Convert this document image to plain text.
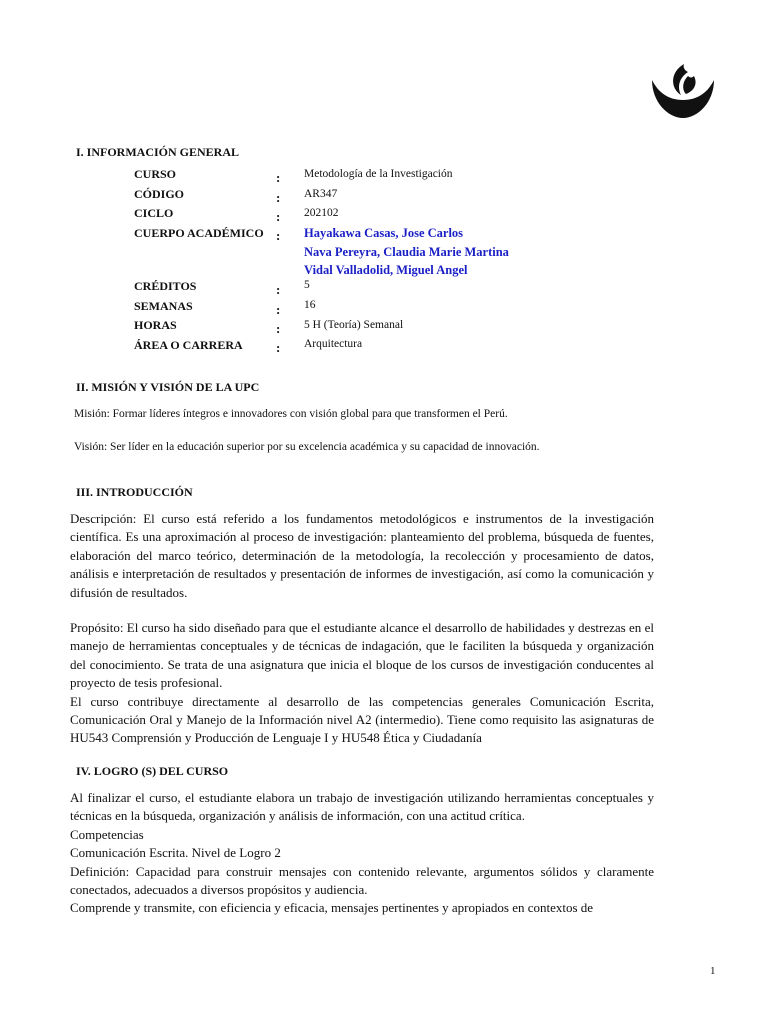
I. INFORMACIÓN GENERAL
CURSO	: Metodología de la Investigación
CÓDIGO	: AR347
CICLO	: 202102
CUERPO ACADÉMICO : Hayakawa Casas, Jose Carlos
Nava Pereyra, Claudia Marie Martina
Vidal Valladolid, Miguel Angel
CRÉDITOS	: 5
SEMANAS	: 16
HORAS	: 5 H (Teoría) Semanal
ÁREA O CARRERA	: Arquitectura
II. MISIÓN Y VISIÓN DE LA UPC
Misión: Formar líderes íntegros e innovadores con visión global para que transformen el Perú.
Visión: Ser líder en la educación superior por su excelencia académica y su capacidad de innovación.
III. INTRODUCCIÓN

Descripción: El curso está referido a los fundamentos metodológicos e instrumentos de la investigación científica. Es una aproximación al proceso de investigación: planteamiento del problema, búsqueda de fuentes, elaboración del marco teórico, determinación de la metodología, la recolección y procesamiento de datos, análisis e interpretación de resultados y presentación de informes de investigación, así como la comunicación y difusión de resultados.

Propósito: El curso ha sido diseñado para que el estudiante alcance el desarrollo de habilidades y destrezas en el manejo de herramientas conceptuales y de técnicas de indagación, que le faciliten la búsqueda y organización del conocimiento. Se trata de una asignatura que inicia el bloque de los cursos de investigación conducentes al proyecto de tesis profesional.

El curso contribuye directamente al desarrollo de las competencias generales Comunicación Escrita, Comunicación Oral y Manejo de la Información nivel A2 (intermedio). Tiene como requisito las asignaturas de HU543 Comprensión y Producción de Lenguaje I y HU548 Ética y Ciudadanía

IV. LOGRO (S) DEL CURSO

Al finalizar el curso, el estudiante elabora un trabajo de investigación utilizando herramientas conceptuales y técnicas en la búsqueda, organización y análisis de información, con una actitud crítica.

Competencias

Comunicación Escrita. Nivel de Logro 2

Definición: Capacidad para construir mensajes con contenido relevante, argumentos sólidos y claramente conectados, adecuados a diversos propósitos y audiencia.

Comprende y transmite, con eficiencia y eficacia, mensajes pertinentes y apropiados en contextos de

1
